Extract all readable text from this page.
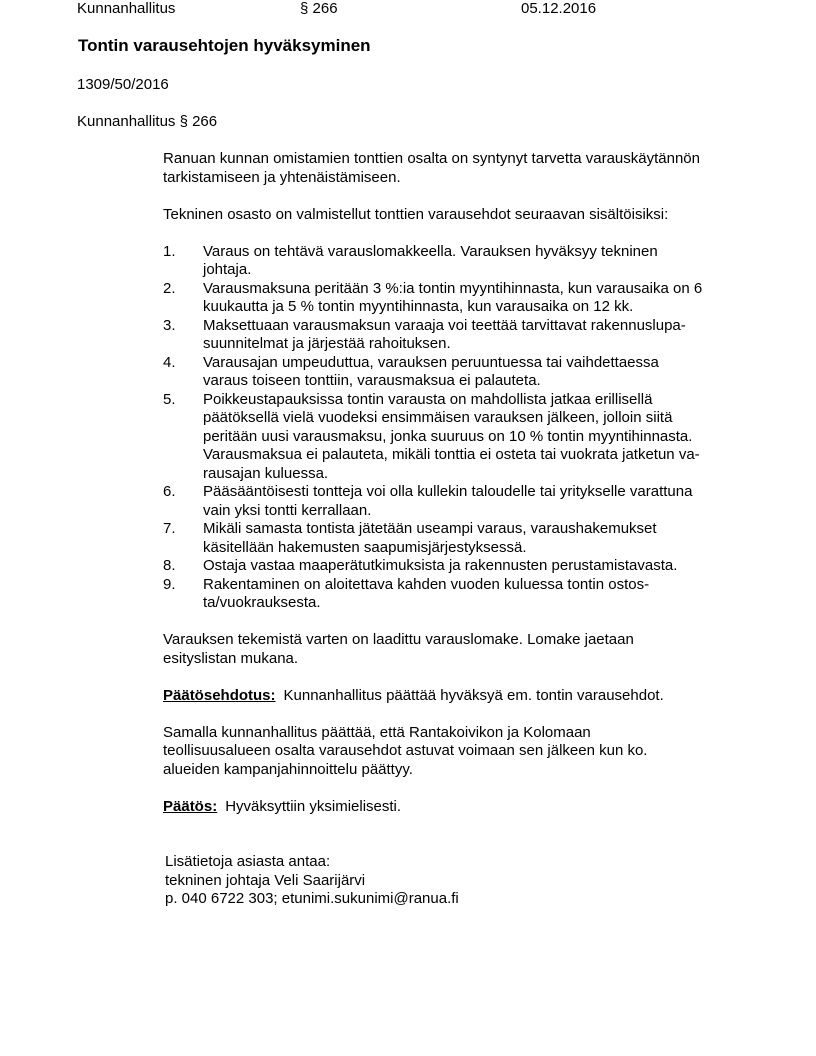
Kunnanhallitus	§ 266	05.12.2016
Tontin varausehtojen hyväksyminen
1309/50/2016
Kunnanhallitus § 266

Ranuan kunnan omistamien tonttien osalta on syntynyt tarvetta varauskäytännön
tarkistamiseen ja yhtenäistämiseen.

Tekninen osasto on valmistellut tonttien varausehdot seuraavan sisältöisiksi:

1.	Varaus on tehtävä varauslomakkeella. Varauksen hyväksyy tekninen
johtaja.
2.	Varausmaksuna peritään 3 %:ia tontin myyntihinnasta, kun varausaika on 6
kuukautta ja 5 % tontin myyntihinnasta, kun varausaika on 12 kk.
3.	Maksettuaan varausmaksun varaaja voi teettää tarvittavat rakennuslupa-
suunnitelmat ja järjestää rahoituksen.
4.	Varausajan umpeuduttua, varauksen peruuntuessa tai vaihdettaessa
varaus toiseen tonttiin, varausmaksua ei palauteta.
5.	Poikkeustapauksissa tontin varausta on mahdollista jatkaa erillisellä
päätöksellä vielä vuodeksi ensimmäisen varauksen jälkeen, jolloin siitä
peritään uusi varausmaksu, jonka suuruus on 10 % tontin myyntihinnasta.
Varausmaksua ei palauteta, mikäli tonttia ei osteta tai vuokrata jatketun va-
rausajan kuluessa.
6.	Pääsääntöisesti tontteja voi olla kullekin taloudelle tai yritykselle varattuna
vain yksi tontti kerrallaan.
7.	Mikäli samasta tontista jätetään useampi varaus, varaushakemukset
käsitellään hakemusten saapumisjärjestyksessä.
8.	Ostaja vastaa maaperätutkimuksista ja rakennusten perustamistavasta.
9.	Rakentaminen on aloitettava kahden vuoden kuluessa tontin ostos-
ta/vuokrauksesta.

Varauksen tekemistä varten on laadittu varauslomake. Lomake jaetaan
esityslistan mukana.

Päätösehdotus: Kunnanhallitus päättää hyväksyä em. tontin varausehdot.

Samalla kunnanhallitus päättää, että Rantakoivikon ja Kolomaan
teollisuusalueen osalta varausehdot astuvat voimaan sen jälkeen kun ko.
alueiden kampanjahinnoittelu päättyy.

Päätös: Hyväksyttiin yksimielisesti.

Lisätietoja asiasta antaa:
tekninen johtaja Veli Saarijärvi
p. 040 6722 303; etunimi.sukunimi@ranua.fi
